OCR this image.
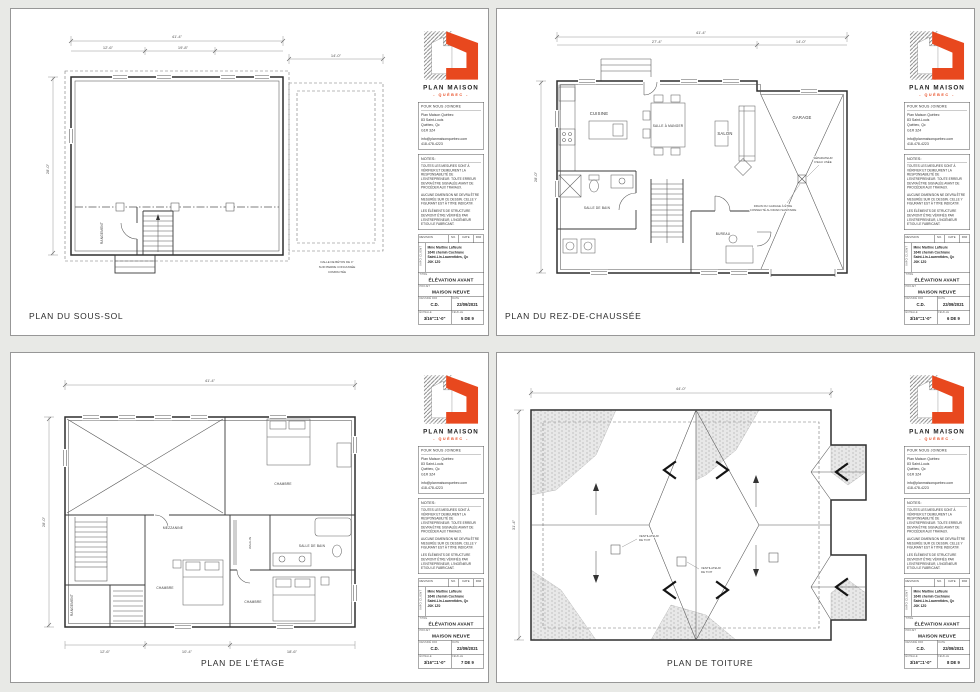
41'-4"
12'-6"	19'-8"
14'-0"
28'-0"
RANGEMENT
DALLE DE BÉTON DE 4"
SUR PIERRE CONCASSÉE
COMPACTÉE
PLAN MAISON
- QUÉBEC -
POUR NOUS JOINDRE
Plan Maison Québec
83 Saint-Louis
Québec, Qc
G1R 3Z4
info@planmaisonquebec.com
418-478-4223
NOTES:

TOUTES LES MESURES SONT À VÉRIFIER ET DEMEURENT LA RESPONSABILITÉ DE L'ENTREPRENEUR. TOUTE ERREUR DEVRA ÊTRE SIGNALÉE AVANT DE PROCÉDER AUX TRAVAUX.

AUCUNE DIMENSION NE DEVRA ÊTRE MESURÉE SUR CE DESSIN. CELLE Y FIGURANT EST À TITRE INDICATIF.

LES ÉLÉMENTS DE STRUCTURE DEVRONT ÊTRE VÉRIFIÉS PAR L'ENTREPRENEUR, L'INGÉNIEUR ET/OU LE FABRICANT.

REVISION	NO.	DATE	PAR
INFO CLIENT Mme Martine Lafleure
1640 chemin Cochrane
Saint-Lin-Laurentides, Qc
J0K 1Z0
TITRE
ÉLÉVATION AVANT
PROJET
MAISON NEUVE
DESSINÉ PAR
C.D.
DATE
22/09/2021
ÉCHELLE
3/16"=1'-0"
FEUILLE
5 DE 9
PLAN DU SOUS-SOL
41'-4"
27'-4"	14'-0"
28'-0"
CUISINE
SALLE À MANGER
SALON
GARAGE
SALLE DE BAIN
BUREAU
DRAIN DU GARAGE À ÊTRE
CONNECTÉ AU DRAIN SANITAIRE
SÉPARATEUR
D'EAU USÉE
PLAN MAISON
- QUÉBEC -
POUR NOUS JOINDRE
Plan Maison Québec
83 Saint-Louis
Québec, Qc
G1R 3Z4
info@planmaisonquebec.com
418-478-4223
NOTES:

TOUTES LES MESURES SONT À VÉRIFIER ET DEMEURENT LA RESPONSABILITÉ DE L'ENTREPRENEUR. TOUTE ERREUR DEVRA ÊTRE SIGNALÉE AVANT DE PROCÉDER AUX TRAVAUX.

AUCUNE DIMENSION NE DEVRA ÊTRE MESURÉE SUR CE DESSIN. CELLE Y FIGURANT EST À TITRE INDICATIF.

LES ÉLÉMENTS DE STRUCTURE DEVRONT ÊTRE VÉRIFIÉS PAR L'ENTREPRENEUR, L'INGÉNIEUR ET/OU LE FABRICANT.

REVISION	NO.	DATE	PAR
INFO CLIENT Mme Martine Lafleure
1640 chemin Cochrane
Saint-Lin-Laurentides, Qc
J0K 1Z0
TITRE
ÉLÉVATION AVANT
PROJET
MAISON NEUVE
DESSINÉ PAR
C.D.
DATE
22/09/2021
ÉCHELLE
3/16"=1'-0"
FEUILLE
6 DE 9
PLAN DU REZ-DE-CHAUSSÉE
41'-4"
28'-0"
12'-6"	10'-4"	18'-6"
RANGEMENT
MEZZANINE
CHAMBRE
CHAMBRE
SALLE DE BAIN
WALK-IN
CHAMBRE
PLAN MAISON
- QUÉBEC -
POUR NOUS JOINDRE
Plan Maison Québec
83 Saint-Louis
Québec, Qc
G1R 3Z4
info@planmaisonquebec.com
418-478-4223
NOTES:

TOUTES LES MESURES SONT À VÉRIFIER ET DEMEURENT LA RESPONSABILITÉ DE L'ENTREPRENEUR. TOUTE ERREUR DEVRA ÊTRE SIGNALÉE AVANT DE PROCÉDER AUX TRAVAUX.

AUCUNE DIMENSION NE DEVRA ÊTRE MESURÉE SUR CE DESSIN. CELLE Y FIGURANT EST À TITRE INDICATIF.

LES ÉLÉMENTS DE STRUCTURE DEVRONT ÊTRE VÉRIFIÉS PAR L'ENTREPRENEUR, L'INGÉNIEUR ET/OU LE FABRICANT.

REVISION	NO.	DATE	PAR
INFO CLIENT Mme Martine Lafleure
1640 chemin Cochrane
Saint-Lin-Laurentides, Qc
J0K 1Z0
TITRE
ÉLÉVATION AVANT
PROJET
MAISON NEUVE
DESSINÉ PAR
C.D.
DATE
22/09/2021
ÉCHELLE
3/16"=1'-0"
FEUILLE
7 DE 9
PLAN DE L'ÉTAGE
44'-0"
31'-4"
VENTILATEUR
DE TOIT
VENTILATEUR
DE TOIT
PLAN MAISON
- QUÉBEC -
POUR NOUS JOINDRE
Plan Maison Québec
83 Saint-Louis
Québec, Qc
G1R 3Z4
info@planmaisonquebec.com
418-478-4223
NOTES:

TOUTES LES MESURES SONT À VÉRIFIER ET DEMEURENT LA RESPONSABILITÉ DE L'ENTREPRENEUR. TOUTE ERREUR DEVRA ÊTRE SIGNALÉE AVANT DE PROCÉDER AUX TRAVAUX.

AUCUNE DIMENSION NE DEVRA ÊTRE MESURÉE SUR CE DESSIN. CELLE Y FIGURANT EST À TITRE INDICATIF.

LES ÉLÉMENTS DE STRUCTURE DEVRONT ÊTRE VÉRIFIÉS PAR L'ENTREPRENEUR, L'INGÉNIEUR ET/OU LE FABRICANT.

REVISION	NO.	DATE	PAR
INFO CLIENT Mme Martine Lafleure
1640 chemin Cochrane
Saint-Lin-Laurentides, Qc
J0K 1Z0
TITRE
ÉLÉVATION AVANT
PROJET
MAISON NEUVE
DESSINÉ PAR
C.D.
DATE
22/09/2021
ÉCHELLE
3/16"=1'-0"
FEUILLE
8 DE 9
PLAN DE TOITURE
